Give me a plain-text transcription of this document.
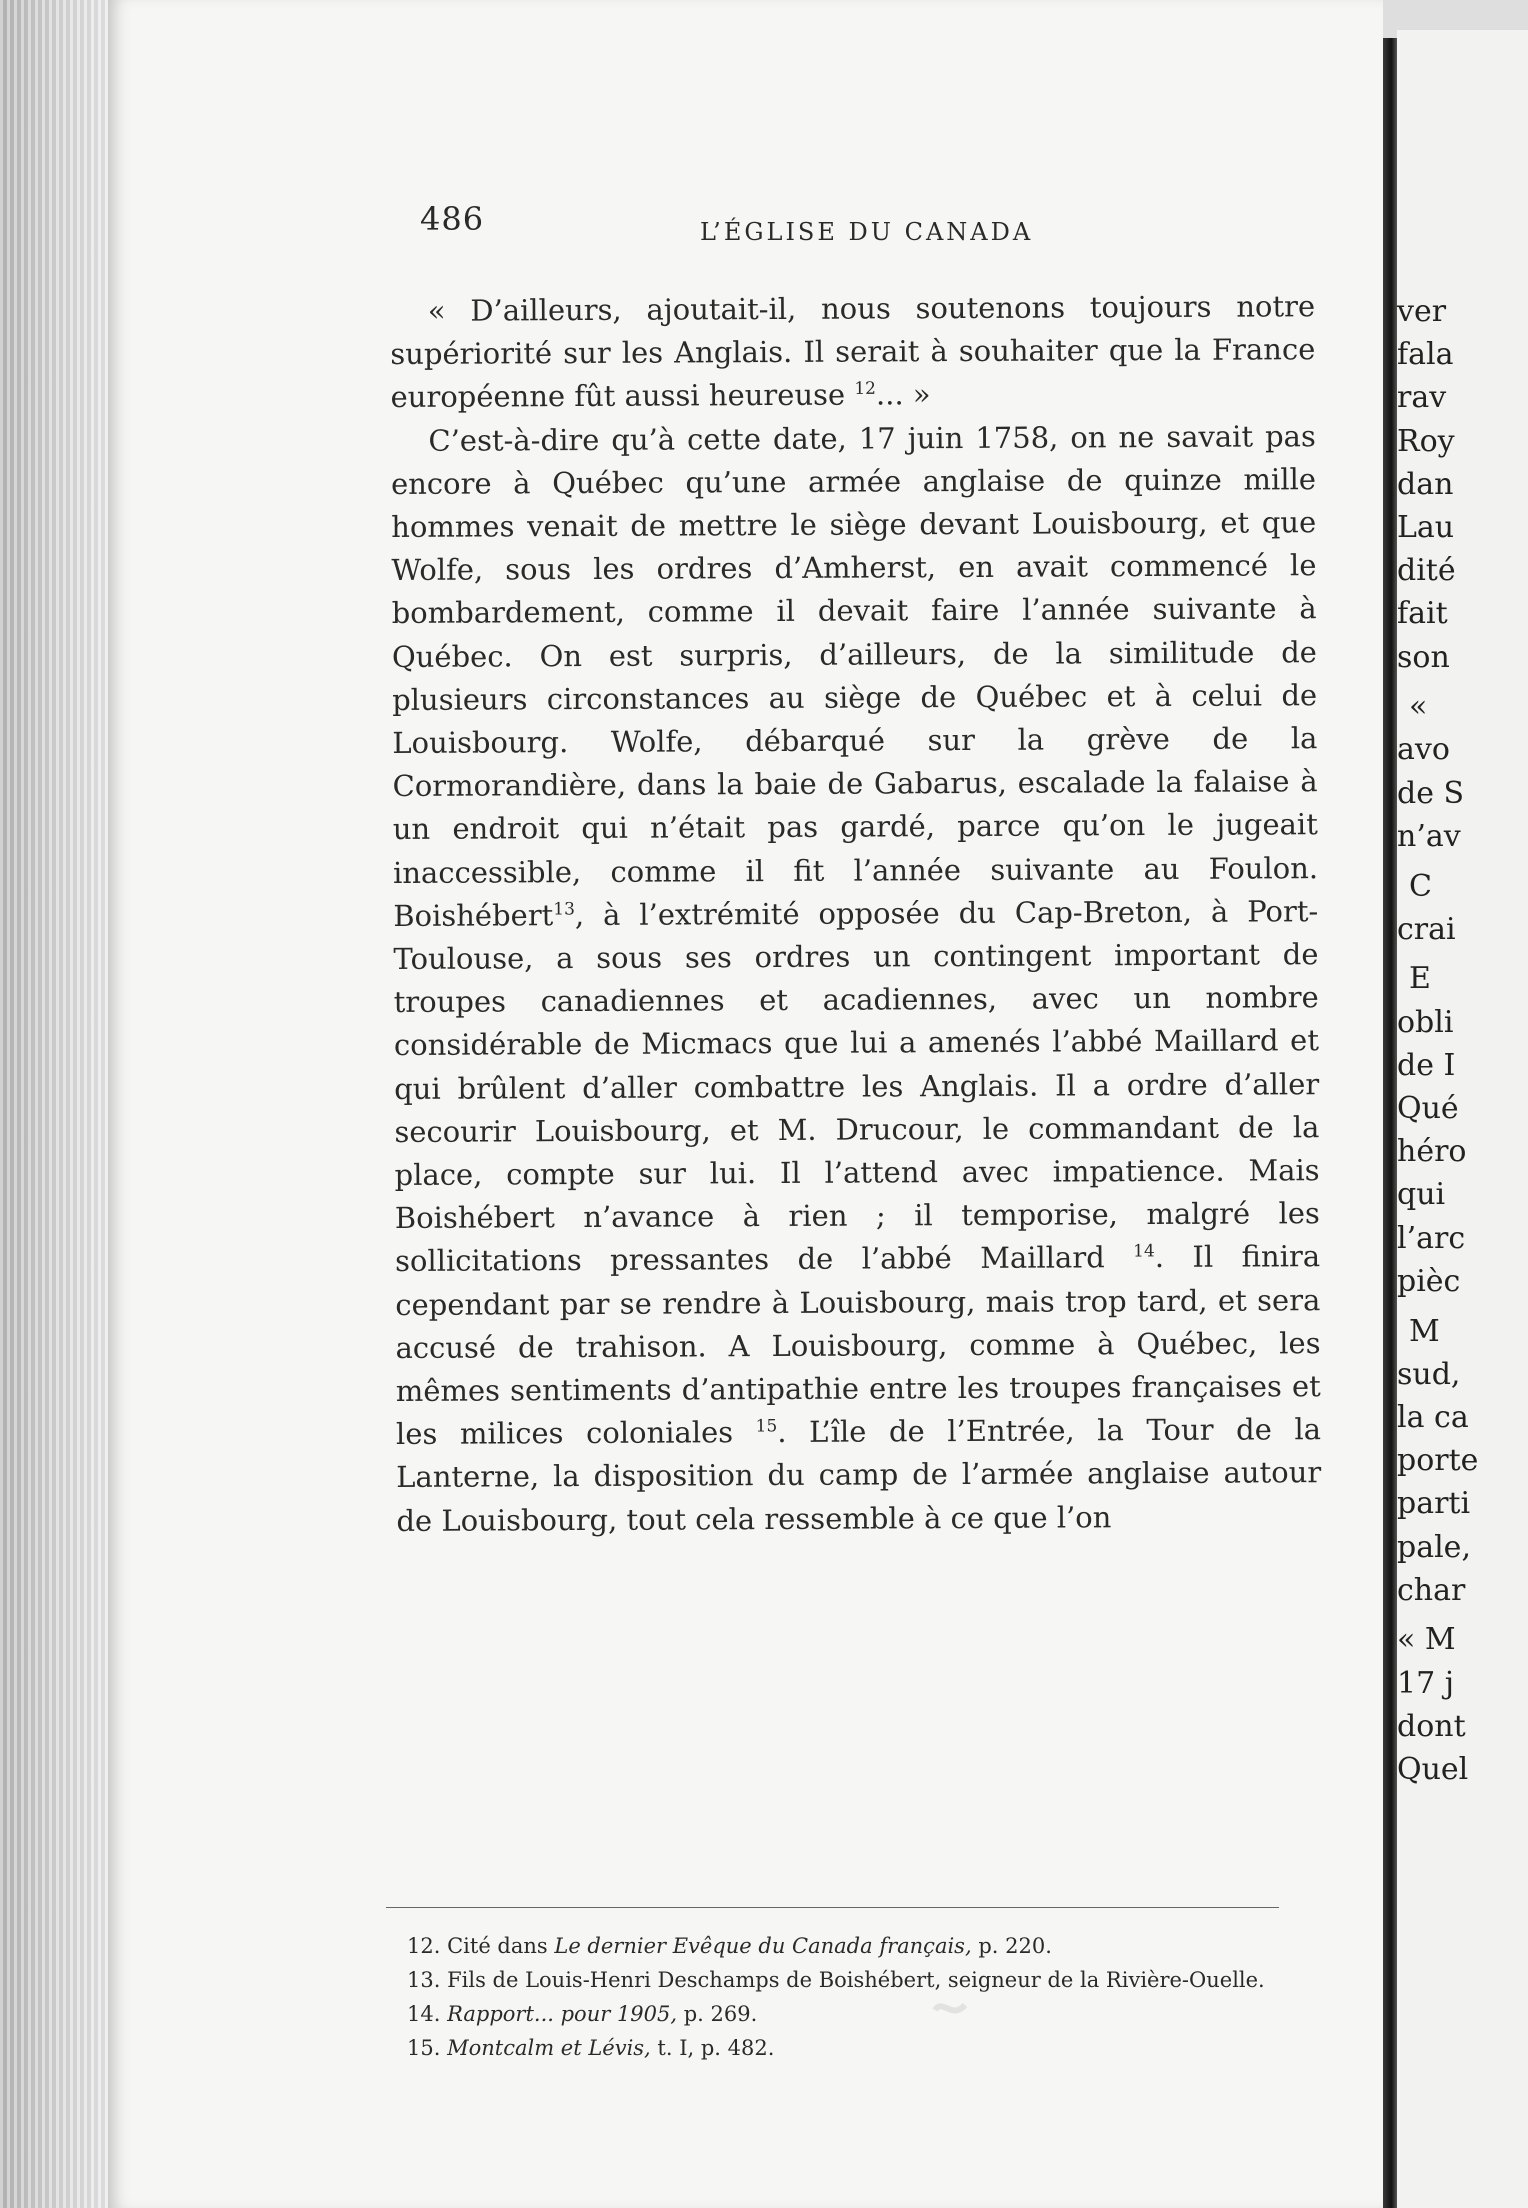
ver
fala
rav
Roy
dan
Lau
dité
fait
son
«
avo
de S
n’av
C
crai
E
obli
de I
Qué
héro
qui
l’arc
pièc
M
sud,
la ca
porte
parti
pale,
char
« M
17 j
dont
Quel
486	L’ÉGLISE DU CANADA

« D’ailleurs, ajoutait-il, nous soutenons toujours notre supériorité sur les Anglais. Il serait à souhaiter que la France européenne fût aussi heureuse $^{12}$... »

C’est-à-dire qu’à cette date, 17 juin 1758, on ne savait pas encore à Québec qu’une armée anglaise de quinze mille hommes venait de mettre le siège devant Louisbourg, et que Wolfe, sous les ordres d’Amherst, en avait commencé le bombardement, comme il devait faire l’année suivante à Québec. On est surpris, d’ailleurs, de la similitude de plusieurs circonstances au siège de Québec et à celui de Louisbourg. Wolfe, débarqué sur la grève de la Cormorandière, dans la baie de Gabarus, escalade la falaise à un endroit qui n’était pas gardé, parce qu’on le jugeait inaccessible, comme il fit l’année suivante au Foulon. Boishébert$^{13}$, à l’extrémité opposée du Cap-Breton, à Port-Toulouse, a sous ses ordres un contingent important de troupes canadiennes et acadiennes, avec un nombre considérable de Micmacs que lui a amenés l’abbé Maillard et qui brûlent d’aller combattre les Anglais. Il a ordre d’aller secourir Louisbourg, et M. Drucour, le commandant de la place, compte sur lui. Il l’attend avec impatience. Mais Boishébert n’avance à rien ; il temporise, malgré les sollicitations pressantes de l’abbé Maillard $^{14}$. Il finira cependant par se rendre à Louisbourg, mais trop tard, et sera accusé de trahison. A Louisbourg, comme à Québec, les mêmes sentiments d’antipathie entre les troupes françaises et les milices coloniales $^{15}$. L’île de l’Entrée, la Tour de la Lanterne, la disposition du camp de l’armée anglaise autour de Louisbourg, tout cela ressemble à ce que l’on

12. Cité dans Le dernier Evêque du Canada français, p. 220.

13. Fils de Louis-Henri Deschamps de Boishébert, seigneur de la Rivière-Ouelle.

14. Rapport... pour 1905, p. 269.

15. Montcalm et Lévis, t. I, p. 482.
